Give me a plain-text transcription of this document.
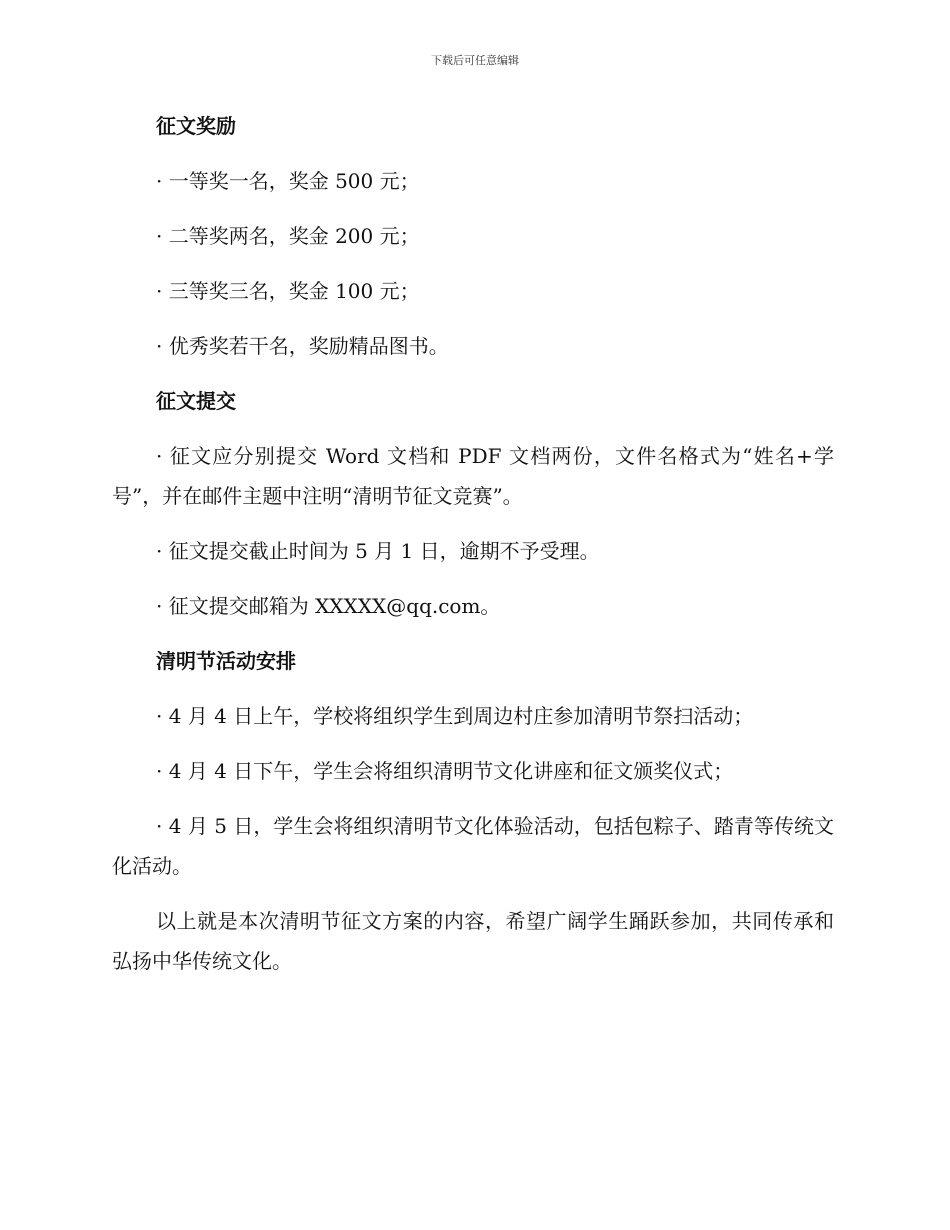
下载后可任意编辑
征文奖励

· 一等奖一名，奖金 500 元；

· 二等奖两名，奖金 200 元；

· 三等奖三名，奖金 100 元；

· 优秀奖若干名，奖励精品图书。

征文提交

· 征文应分别提交 Word 文档和 PDF 文档两份，文件名格式为“姓名+学号”，并在邮件主题中注明“清明节征文竞赛”。

· 征文提交截止时间为 5 月 1 日，逾期不予受理。

· 征文提交邮箱为 XXXXX@qq.com。

清明节活动安排

· 4 月 4 日上午，学校将组织学生到周边村庄参加清明节祭扫活动；

· 4 月 4 日下午，学生会将组织清明节文化讲座和征文颁奖仪式；

· 4 月 5 日，学生会将组织清明节文化体验活动，包括包粽子、踏青等传统文化活动。

以上就是本次清明节征文方案的内容，希望广阔学生踊跃参加，共同传承和弘扬中华传统文化。
